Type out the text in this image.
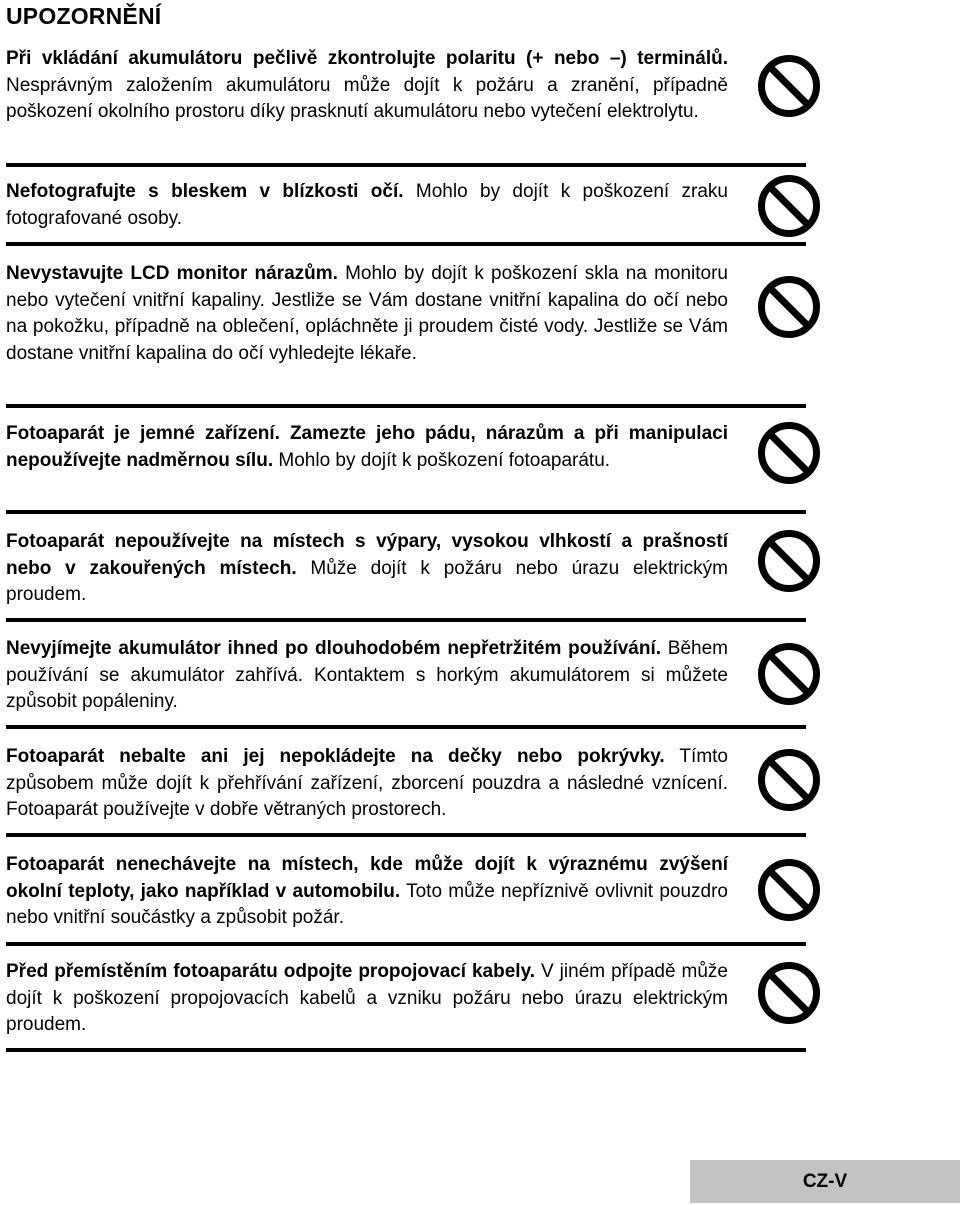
UPOZORNĚNÍ

Při vkládání akumulátoru pečlivě zkontrolujte polaritu (+ nebo –) terminálů. Nesprávným založením akumulátoru může dojít k požáru a zranění, případně poškození okolního prostoru díky prasknutí akumulátoru nebo vytečení elektrolytu.

Nefotografujte s bleskem v blízkosti očí. Mohlo by dojít k poškození zraku fotografované osoby.

Nevystavujte LCD monitor nárazům. Mohlo by dojít k poškození skla na monitoru nebo vytečení vnitřní kapaliny. Jestliže se Vám dostane vnitřní kapalina do očí nebo na pokožku, případně na oblečení, opláchněte ji proudem čisté vody. Jestliže se Vám dostane vnitřní kapalina do očí vyhledejte lékaře.

Fotoaparát je jemné zařízení. Zamezte jeho pádu, nárazům a při manipulaci nepoužívejte nadměrnou sílu. Mohlo by dojít k poškození fotoaparátu.

Fotoaparát nepoužívejte na místech s výpary, vysokou vlhkostí a prašností nebo v zakouřených místech. Může dojít k požáru nebo úrazu elektrickým proudem.

Nevyjímejte akumulátor ihned po dlouhodobém nepřetržitém používání. Během používání se akumulátor zahřívá. Kontaktem s horkým akumulátorem si můžete způsobit popáleniny.

Fotoaparát nebalte ani jej nepokládejte na dečky nebo pokrývky. Tímto způsobem může dojít k přehřívání zařízení, zborcení pouzdra a následné vznícení. Fotoaparát používejte v dobře větraných prostorech.

Fotoaparát nenechávejte na místech, kde může dojít k výraznému zvýšení okolní teploty, jako například v automobilu. Toto může nepříznivě ovlivnit pouzdro nebo vnitřní součástky a způsobit požár.

Před přemístěním fotoaparátu odpojte propojovací kabely. V jiném případě může dojít k poškození propojovacích kabelů a vzniku požáru nebo úrazu elektrickým proudem.

CZ-V
